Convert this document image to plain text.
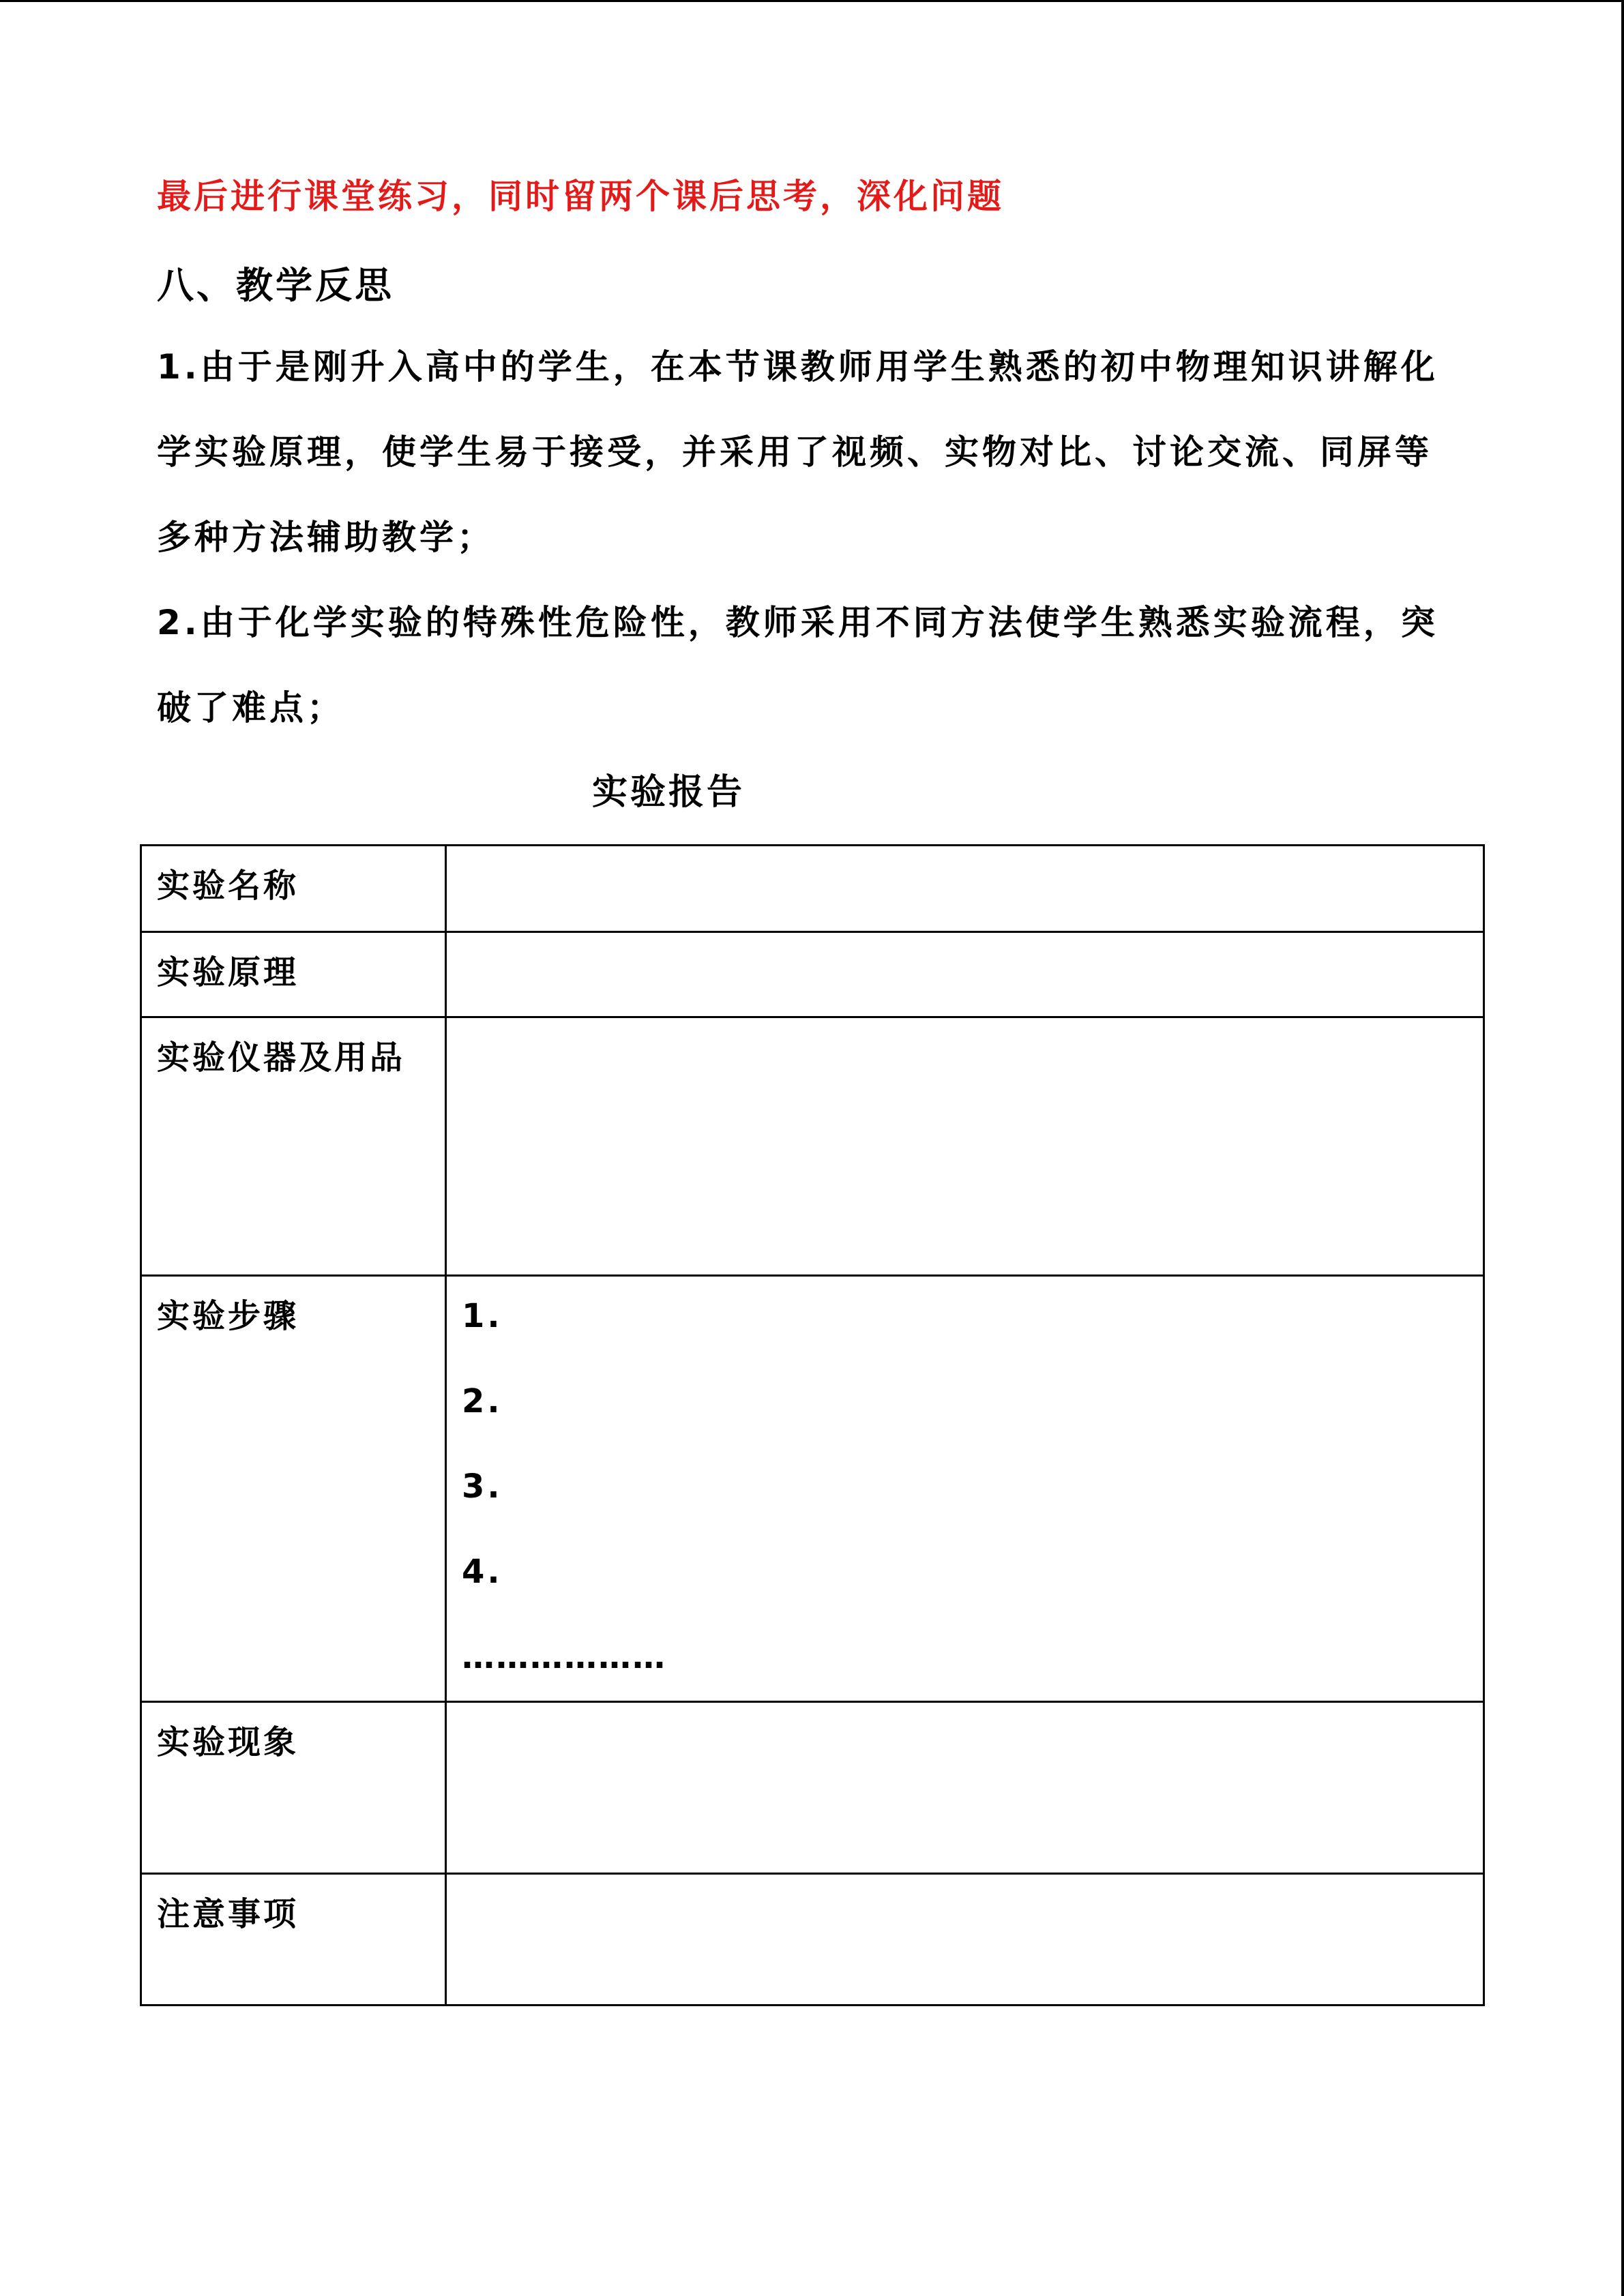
最后进行课堂练习，同时留两个课后思考，深化问题

八、教学反思

1.由于是刚升入高中的学生，在本节课教师用学生熟悉的初中物理知识讲解化

学实验原理，使学生易于接受，并采用了视频、实物对比、讨论交流、同屏等

多种方法辅助教学；

2.由于化学实验的特殊性危险性，教师采用不同方法使学生熟悉实验流程，突

破了难点；

实验报告
实验名称	
实验原理	
实验仪器及用品	
实验步骤	1.
2.
3.
4.
………………

实验现象	
注意事项	
